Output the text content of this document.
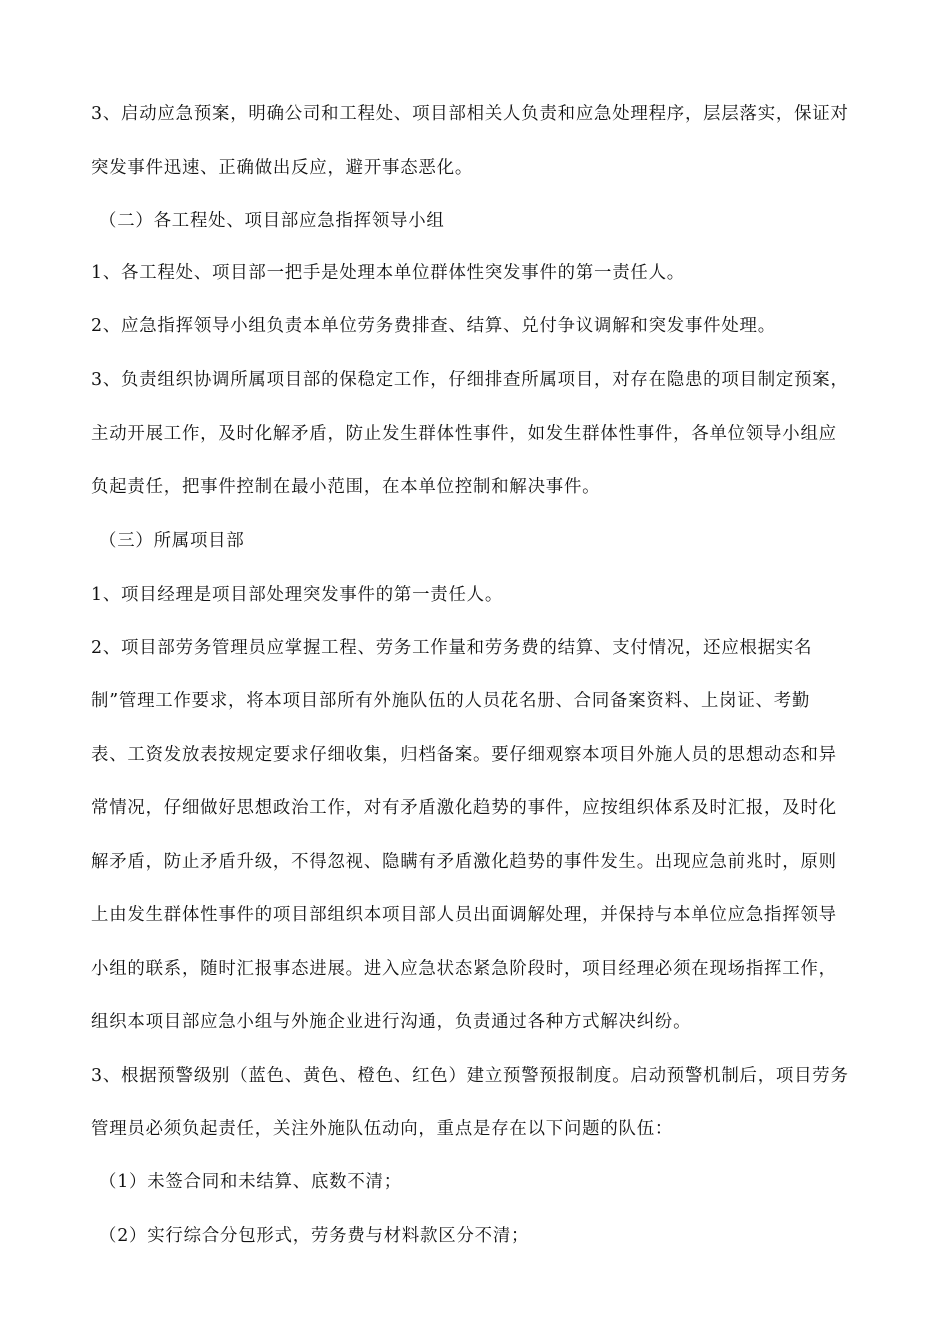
3、启动应急预案，明确公司和工程处、项目部相关人负责和应急处理程序，层层落实，保证对
突发事件迅速、正确做出反应，避开事态恶化。
（二）各工程处、项目部应急指挥领导小组
1、各工程处、项目部一把手是处理本单位群体性突发事件的第一责任人。
2、应急指挥领导小组负责本单位劳务费排查、结算、兑付争议调解和突发事件处理。
3、负责组织协调所属项目部的保稳定工作，仔细排查所属项目，对存在隐患的项目制定预案，
主动开展工作，及时化解矛盾，防止发生群体性事件，如发生群体性事件，各单位领导小组应
负起责任，把事件控制在最小范围，在本单位控制和解决事件。
（三）所属项目部
1、项目经理是项目部处理突发事件的第一责任人。
2、项目部劳务管理员应掌握工程、劳务工作量和劳务费的结算、支付情况，还应根据实名
制”管理工作要求，将本项目部所有外施队伍的人员花名册、合同备案资料、上岗证、考勤
表、工资发放表按规定要求仔细收集，归档备案。要仔细观察本项目外施人员的思想动态和异
常情况，仔细做好思想政治工作，对有矛盾激化趋势的事件，应按组织体系及时汇报，及时化
解矛盾，防止矛盾升级，不得忽视、隐瞒有矛盾激化趋势的事件发生。出现应急前兆时，原则
上由发生群体性事件的项目部组织本项目部人员出面调解处理，并保持与本单位应急指挥领导
小组的联系，随时汇报事态进展。进入应急状态紧急阶段时，项目经理必须在现场指挥工作，
组织本项目部应急小组与外施企业进行沟通，负责通过各种方式解决纠纷。
3、根据预警级别（蓝色、黄色、橙色、红色）建立预警预报制度。启动预警机制后，项目劳务
管理员必须负起责任，关注外施队伍动向，重点是存在以下问题的队伍：
（1）未签合同和未结算、底数不清；
（2）实行综合分包形式，劳务费与材料款区分不清；
